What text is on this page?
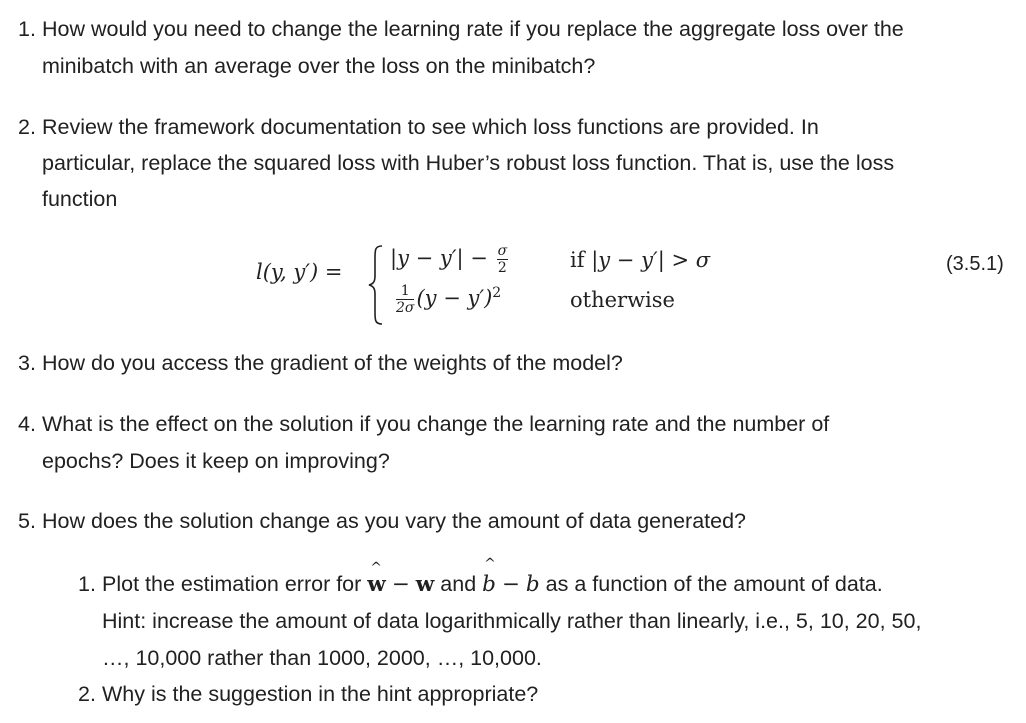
1. How would you need to change the learning rate if you replace the aggregate loss over the
minibatch with an average over the loss on the minibatch?
2. Review the framework documentation to see which loss functions are provided. In
particular, replace the squared loss with Huber’s robust loss function. That is, use the loss
function
l(y, y′) =
$|y - y'| - \frac{\sigma}{2}$	if |y − y′| > σ
$\frac{1}{2\sigma} (y - y')^2$	otherwise
(3.5.1)
3. How do you access the gradient of the weights of the model?
4. What is the effect on the solution if you change the learning rate and the number of
epochs? Does it keep on improving?
5. How does the solution change as you vary the amount of data generated?
1. Plot the estimation error for
^
w − w and
^
b − b as a function of the amount of data.
Hint: increase the amount of data logarithmically rather than linearly, i.e., 5, 10, 20, 50,
…, 10,000 rather than 1000, 2000, …, 10,000.
2. Why is the suggestion in the hint appropriate?
